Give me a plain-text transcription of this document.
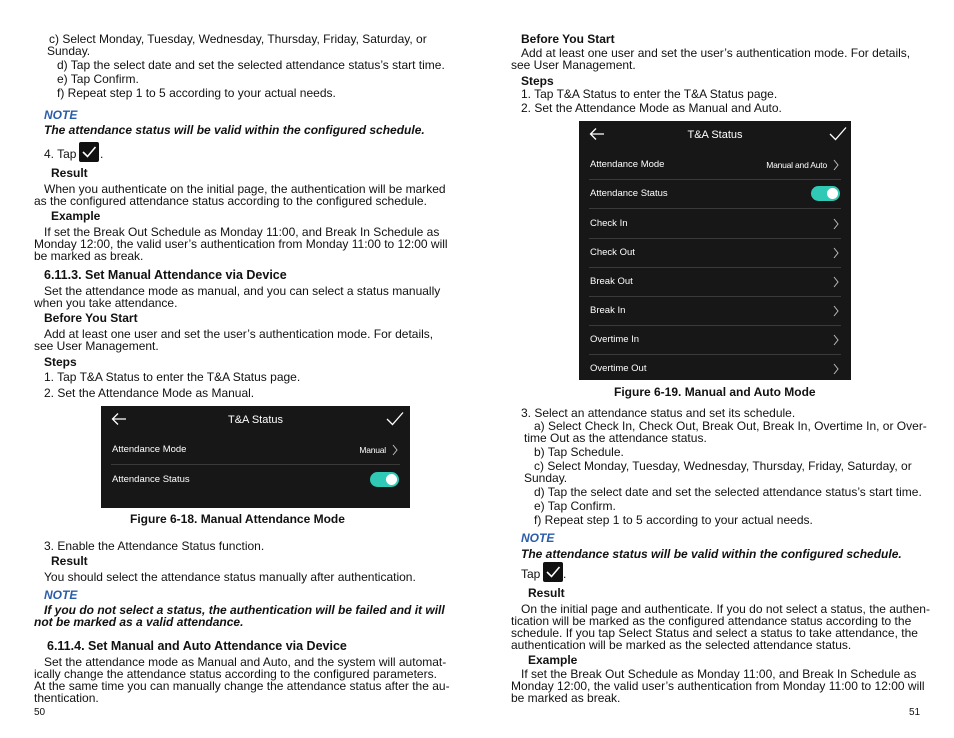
c) Select Monday, Tuesday, Wednesday, Thursday, Friday, Saturday, or
Sunday.
d) Tap the select date and set the selected attendance status’s start time.
e) Tap Confirm.
f) Repeat step 1 to 5 according to your actual needs.
NOTE
The attendance status will be valid within the configured schedule.
4. Tap .
Result
When you authenticate on the initial page, the authentication will be marked
as the configured attendance status according to the configured schedule.
Example
If set the Break Out Schedule as Monday 11:00, and Break In Schedule as
Monday 12:00, the valid user’s authentication from Monday 11:00 to 12:00 will
be marked as break.
6.11.3. Set Manual Attendance via Device
Set the attendance mode as manual, and you can select a status manually
when you take attendance.
Before You Start
Add at least one user and set the user’s authentication mode. For details,
see User Management.
Steps
1. Tap T&A Status to enter the T&A Status page.
2. Set the Attendance Mode as Manual.
T&A Status
Attendance Mode	Manual
Attendance Status
Figure 6-18. Manual Attendance Mode
3. Enable the Attendance Status function.
Result
You should select the attendance status manually after authentication.
NOTE
If you do not select a status, the authentication will be failed and it will
not be marked as a valid attendance.
6.11.4. Set Manual and Auto Attendance via Device
Set the attendance mode as Manual and Auto, and the system will automat-
ically change the attendance status according to the configured parameters.
At the same time you can manually change the attendance status after the au-
thentication.
50
Before You Start
Add at least one user and set the user’s authentication mode. For details,
see User Management.
Steps
1. Tap T&A Status to enter the T&A Status page.
2. Set the Attendance Mode as Manual and Auto.
T&A Status
Attendance Mode	Manual and Auto
Attendance Status
Check In
Check Out
Break Out
Break In
Overtime In
Overtime Out
Figure 6-19. Manual and Auto Mode
3. Select an attendance status and set its schedule.
a) Select Check In, Check Out, Break Out, Break In, Overtime In, or Over-
time Out as the attendance status.
b) Tap Schedule.
c) Select Monday, Tuesday, Wednesday, Thursday, Friday, Saturday, or
Sunday.
d) Tap the select date and set the selected attendance status’s start time.
e) Tap Confirm.
f) Repeat step 1 to 5 according to your actual needs.
NOTE
The attendance status will be valid within the configured schedule.
Tap .
Result
On the initial page and authenticate. If you do not select a status, the authen-
tication will be marked as the configured attendance status according to the
schedule. If you tap Select Status and select a status to take attendance, the
authentication will be marked as the selected attendance status.
Example
If set the Break Out Schedule as Monday 11:00, and Break In Schedule as
Monday 12:00, the valid user’s authentication from Monday 11:00 to 12:00 will
be marked as break.
51
